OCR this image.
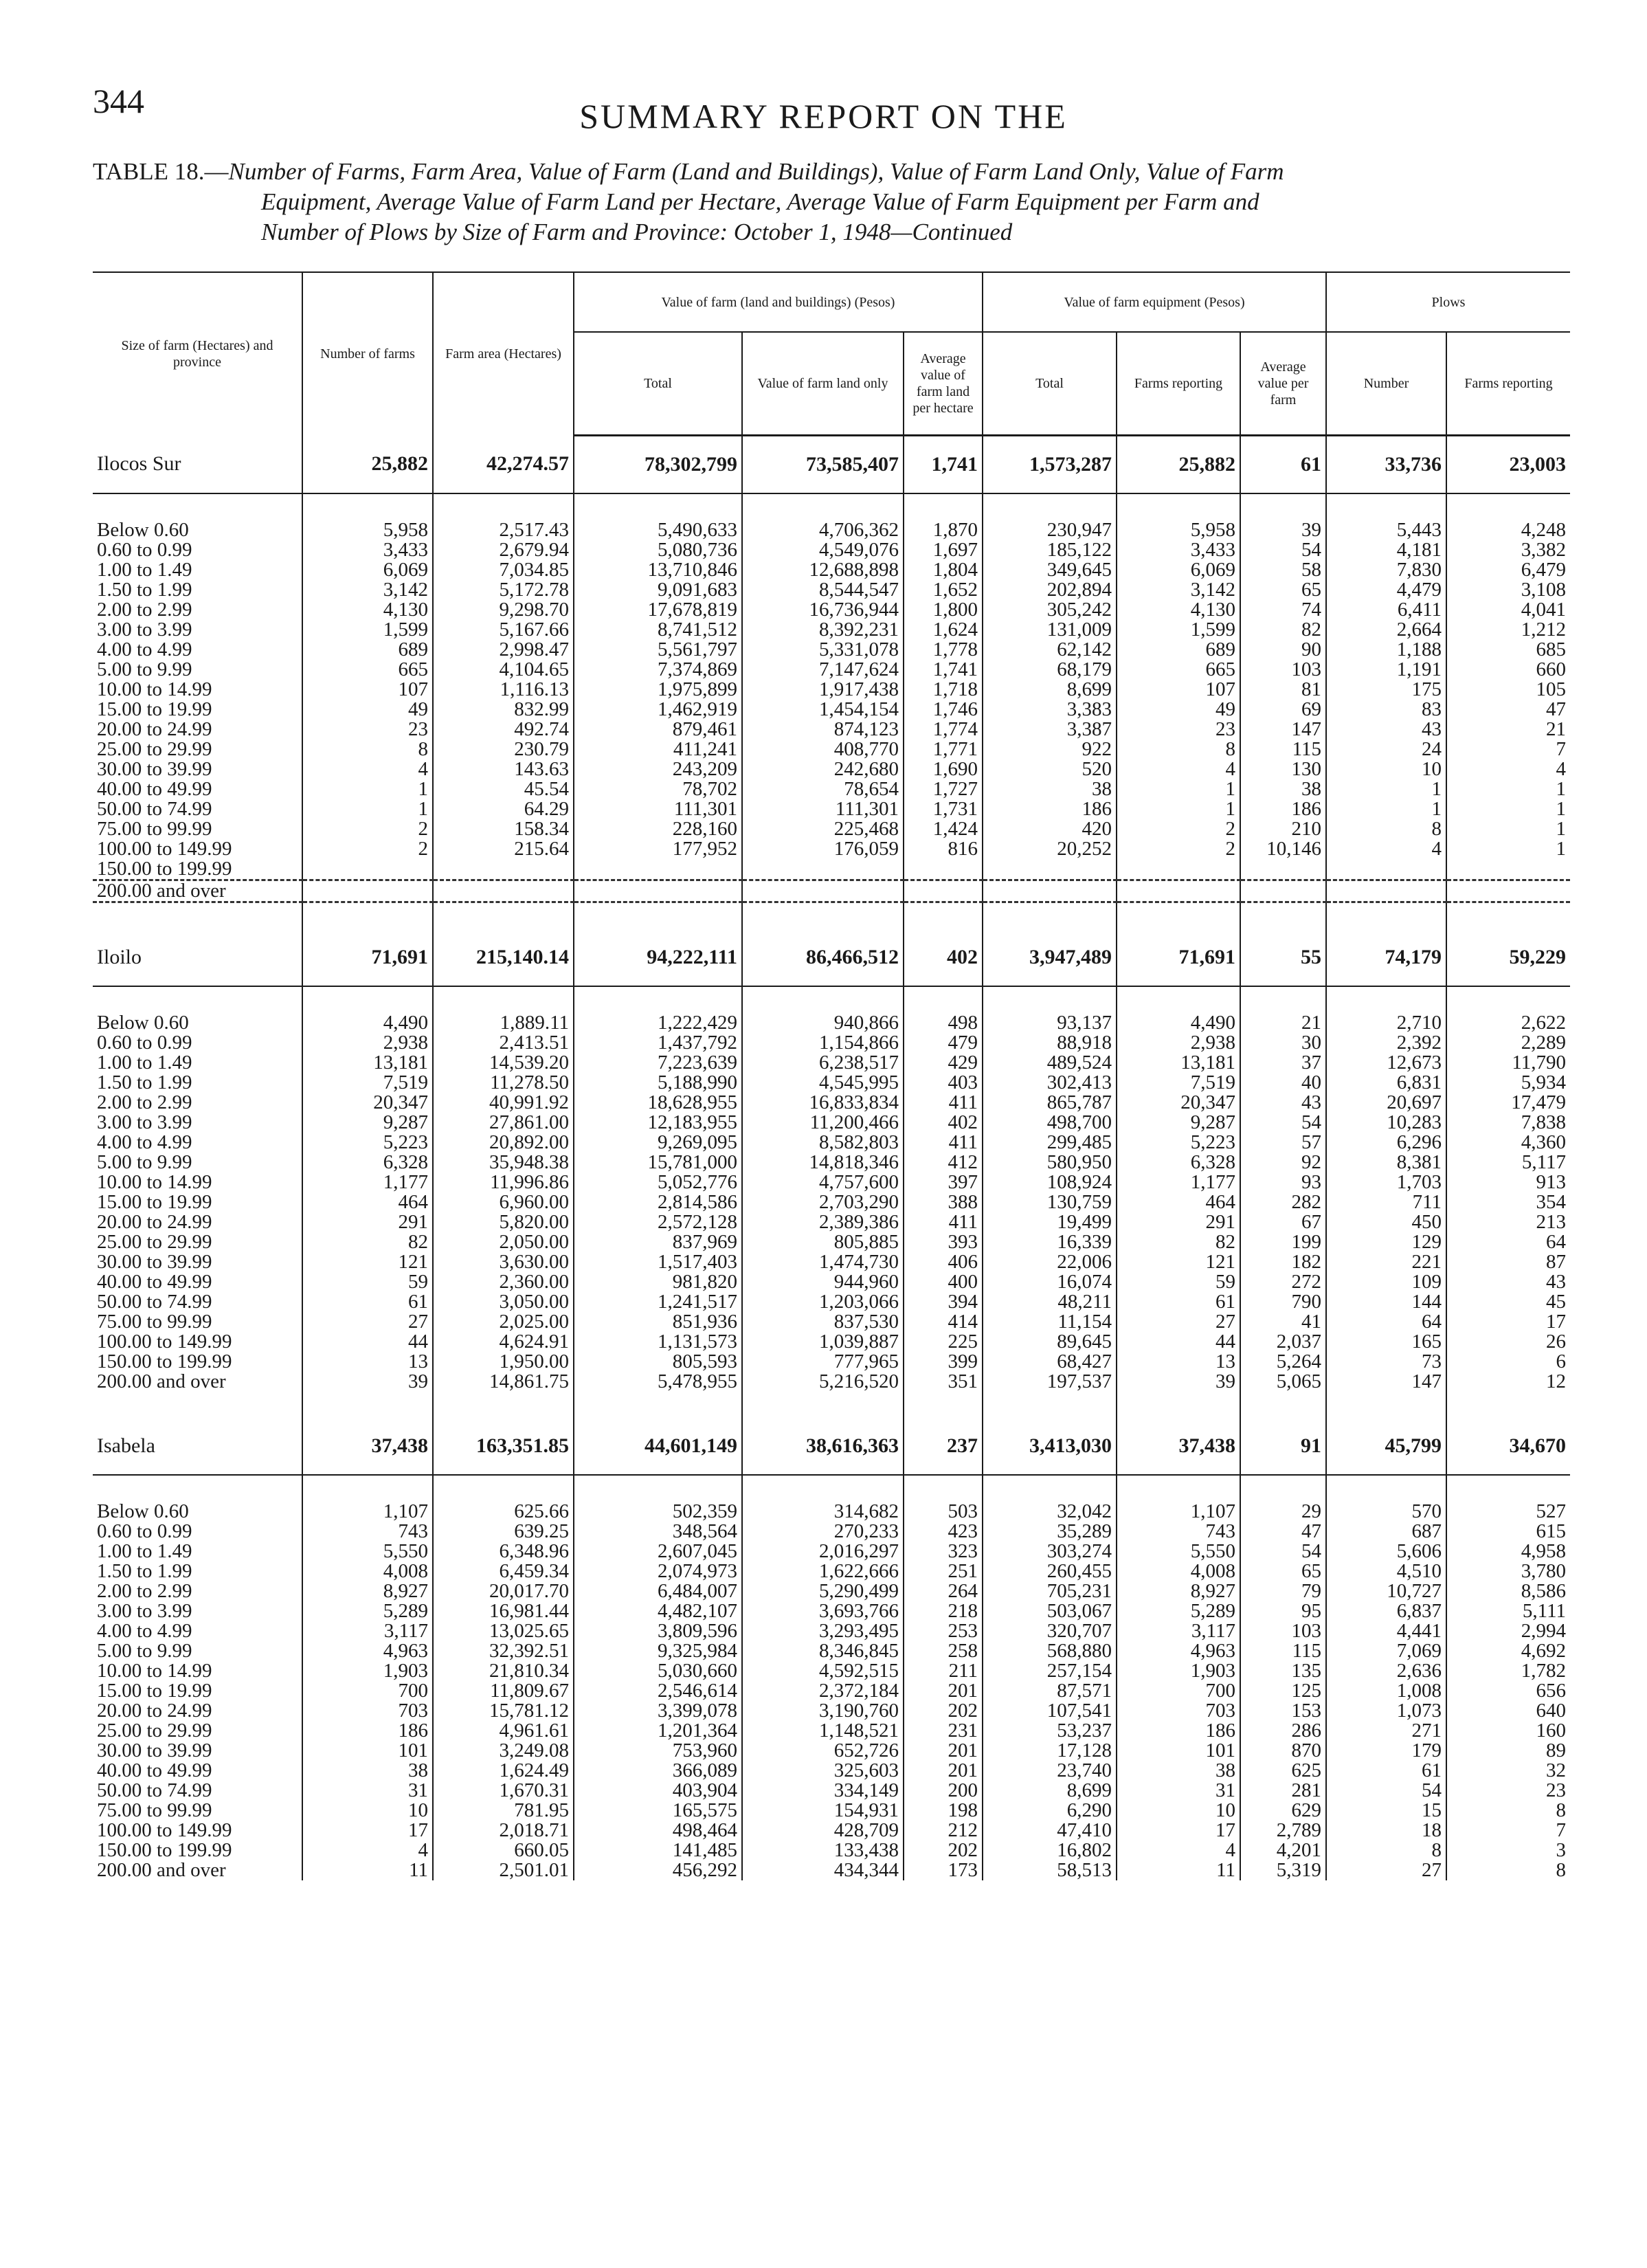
344	SUMMARY REPORT ON THE
TABLE 18.—Number of Farms, Farm Area, Value of Farm (Land and Buildings), Value of Farm Land Only, Value of Farm
Equipment, Average Value of Farm Land per Hectare, Average Value of Farm Equipment per Farm and
Number of Plows by Size of Farm and Province: October 1, 1948—Continued
Size of farm (Hectares) and province	Number of farms	Farm area (Hectares)	Value of farm (land and buildings) (Pesos)			Value of farm equipment (Pesos)			Plows	
			Total	Value of farm land only	Average value of farm land per hectare	Total	Farms reporting	Average value per farm	Number	Farms reporting
Ilocos Sur	25,882	42,274.57	78,302,799	73,585,407	1,741	1,573,287	25,882	61	33,736	23,003

Below 0.60	5,958	2,517.43	5,490,633	4,706,362	1,870	230,947	5,958	39	5,443	4,248
0.60 to 0.99	3,433	2,679.94	5,080,736	4,549,076	1,697	185,122	3,433	54	4,181	3,382
1.00 to 1.49	6,069	7,034.85	13,710,846	12,688,898	1,804	349,645	6,069	58	7,830	6,479
1.50 to 1.99	3,142	5,172.78	9,091,683	8,544,547	1,652	202,894	3,142	65	4,479	3,108
2.00 to 2.99	4,130	9,298.70	17,678,819	16,736,944	1,800	305,242	4,130	74	6,411	4,041
3.00 to 3.99	1,599	5,167.66	8,741,512	8,392,231	1,624	131,009	1,599	82	2,664	1,212
4.00 to 4.99	689	2,998.47	5,561,797	5,331,078	1,778	62,142	689	90	1,188	685
5.00 to 9.99	665	4,104.65	7,374,869	7,147,624	1,741	68,179	665	103	1,191	660
10.00 to 14.99	107	1,116.13	1,975,899	1,917,438	1,718	8,699	107	81	175	105
15.00 to 19.99	49	832.99	1,462,919	1,454,154	1,746	3,383	49	69	83	47
20.00 to 24.99	23	492.74	879,461	874,123	1,774	3,387	23	147	43	21
25.00 to 29.99	8	230.79	411,241	408,770	1,771	922	8	115	24	7
30.00 to 39.99	4	143.63	243,209	242,680	1,690	520	4	130	10	4
40.00 to 49.99	1	45.54	78,702	78,654	1,727	38	1	38	1	1
50.00 to 74.99	1	64.29	111,301	111,301	1,731	186	1	186	1	1
75.00 to 99.99	2	158.34	228,160	225,468	1,424	420	2	210	8	1
100.00 to 149.99	2	215.64	177,952	176,059	816	20,252	2	10,146	4	1
150.00 to 199.99										
200.00 and over										

Iloilo	71,691	215,140.14	94,222,111	86,466,512	402	3,947,489	71,691	55	74,179	59,229

Below 0.60	4,490	1,889.11	1,222,429	940,866	498	93,137	4,490	21	2,710	2,622
0.60 to 0.99	2,938	2,413.51	1,437,792	1,154,866	479	88,918	2,938	30	2,392	2,289
1.00 to 1.49	13,181	14,539.20	7,223,639	6,238,517	429	489,524	13,181	37	12,673	11,790
1.50 to 1.99	7,519	11,278.50	5,188,990	4,545,995	403	302,413	7,519	40	6,831	5,934
2.00 to 2.99	20,347	40,991.92	18,628,955	16,833,834	411	865,787	20,347	43	20,697	17,479
3.00 to 3.99	9,287	27,861.00	12,183,955	11,200,466	402	498,700	9,287	54	10,283	7,838
4.00 to 4.99	5,223	20,892.00	9,269,095	8,582,803	411	299,485	5,223	57	6,296	4,360
5.00 to 9.99	6,328	35,948.38	15,781,000	14,818,346	412	580,950	6,328	92	8,381	5,117
10.00 to 14.99	1,177	11,996.86	5,052,776	4,757,600	397	108,924	1,177	93	1,703	913
15.00 to 19.99	464	6,960.00	2,814,586	2,703,290	388	130,759	464	282	711	354
20.00 to 24.99	291	5,820.00	2,572,128	2,389,386	411	19,499	291	67	450	213
25.00 to 29.99	82	2,050.00	837,969	805,885	393	16,339	82	199	129	64
30.00 to 39.99	121	3,630.00	1,517,403	1,474,730	406	22,006	121	182	221	87
40.00 to 49.99	59	2,360.00	981,820	944,960	400	16,074	59	272	109	43
50.00 to 74.99	61	3,050.00	1,241,517	1,203,066	394	48,211	61	790	144	45
75.00 to 99.99	27	2,025.00	851,936	837,530	414	11,154	27	41	64	17
100.00 to 149.99	44	4,624.91	1,131,573	1,039,887	225	89,645	44	2,037	165	26
150.00 to 199.99	13	1,950.00	805,593	777,965	399	68,427	13	5,264	73	6
200.00 and over	39	14,861.75	5,478,955	5,216,520	351	197,537	39	5,065	147	12

Isabela	37,438	163,351.85	44,601,149	38,616,363	237	3,413,030	37,438	91	45,799	34,670

Below 0.60	1,107	625.66	502,359	314,682	503	32,042	1,107	29	570	527
0.60 to 0.99	743	639.25	348,564	270,233	423	35,289	743	47	687	615
1.00 to 1.49	5,550	6,348.96	2,607,045	2,016,297	323	303,274	5,550	54	5,606	4,958
1.50 to 1.99	4,008	6,459.34	2,074,973	1,622,666	251	260,455	4,008	65	4,510	3,780
2.00 to 2.99	8,927	20,017.70	6,484,007	5,290,499	264	705,231	8,927	79	10,727	8,586
3.00 to 3.99	5,289	16,981.44	4,482,107	3,693,766	218	503,067	5,289	95	6,837	5,111
4.00 to 4.99	3,117	13,025.65	3,809,596	3,293,495	253	320,707	3,117	103	4,441	2,994
5.00 to 9.99	4,963	32,392.51	9,325,984	8,346,845	258	568,880	4,963	115	7,069	4,692
10.00 to 14.99	1,903	21,810.34	5,030,660	4,592,515	211	257,154	1,903	135	2,636	1,782
15.00 to 19.99	700	11,809.67	2,546,614	2,372,184	201	87,571	700	125	1,008	656
20.00 to 24.99	703	15,781.12	3,399,078	3,190,760	202	107,541	703	153	1,073	640
25.00 to 29.99	186	4,961.61	1,201,364	1,148,521	231	53,237	186	286	271	160
30.00 to 39.99	101	3,249.08	753,960	652,726	201	17,128	101	870	179	89
40.00 to 49.99	38	1,624.49	366,089	325,603	201	23,740	38	625	61	32
50.00 to 74.99	31	1,670.31	403,904	334,149	200	8,699	31	281	54	23
75.00 to 99.99	10	781.95	165,575	154,931	198	6,290	10	629	15	8
100.00 to 149.99	17	2,018.71	498,464	428,709	212	47,410	17	2,789	18	7
150.00 to 199.99	4	660.05	141,485	133,438	202	16,802	4	4,201	8	3
200.00 and over	11	2,501.01	456,292	434,344	173	58,513	11	5,319	27	8
